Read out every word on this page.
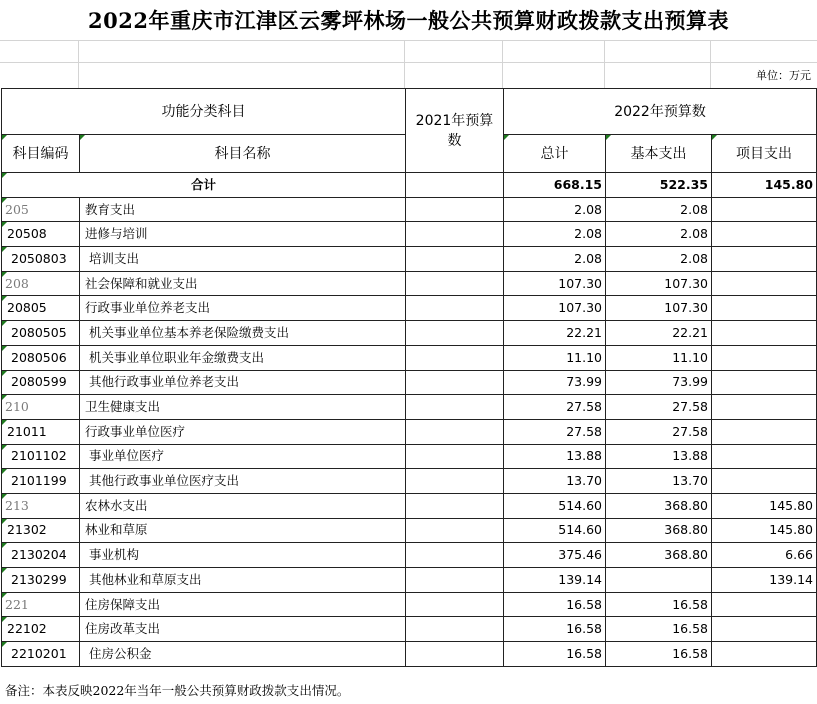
2022年重庆市江津区云雾坪林场一般公共预算财政拨款支出预算表
单位：万元
功能分类科目		2021年预算数	2022年预算数		
科目编码	科目名称		总计	基本支出	项目支出
合计			668.15	522.35	145.80
205	教育支出		2.08	2.08	
20508	进修与培训		2.08	2.08	
2050803	培训支出		2.08	2.08	
208	社会保障和就业支出		107.30	107.30	
20805	行政事业单位养老支出		107.30	107.30	
2080505	机关事业单位基本养老保险缴费支出		22.21	22.21	
2080506	机关事业单位职业年金缴费支出		11.10	11.10	
2080599	其他行政事业单位养老支出		73.99	73.99	
210	卫生健康支出		27.58	27.58	
21011	行政事业单位医疗		27.58	27.58	
2101102	事业单位医疗		13.88	13.88	
2101199	其他行政事业单位医疗支出		13.70	13.70	
213	农林水支出		514.60	368.80	145.80
21302	林业和草原		514.60	368.80	145.80
2130204	事业机构		375.46	368.80	6.66
2130299	其他林业和草原支出		139.14		139.14
221	住房保障支出		16.58	16.58	
22102	住房改革支出		16.58	16.58	
2210201	住房公积金		16.58	16.58	
备注：本表反映2022年当年一般公共预算财政拨款支出情况。
